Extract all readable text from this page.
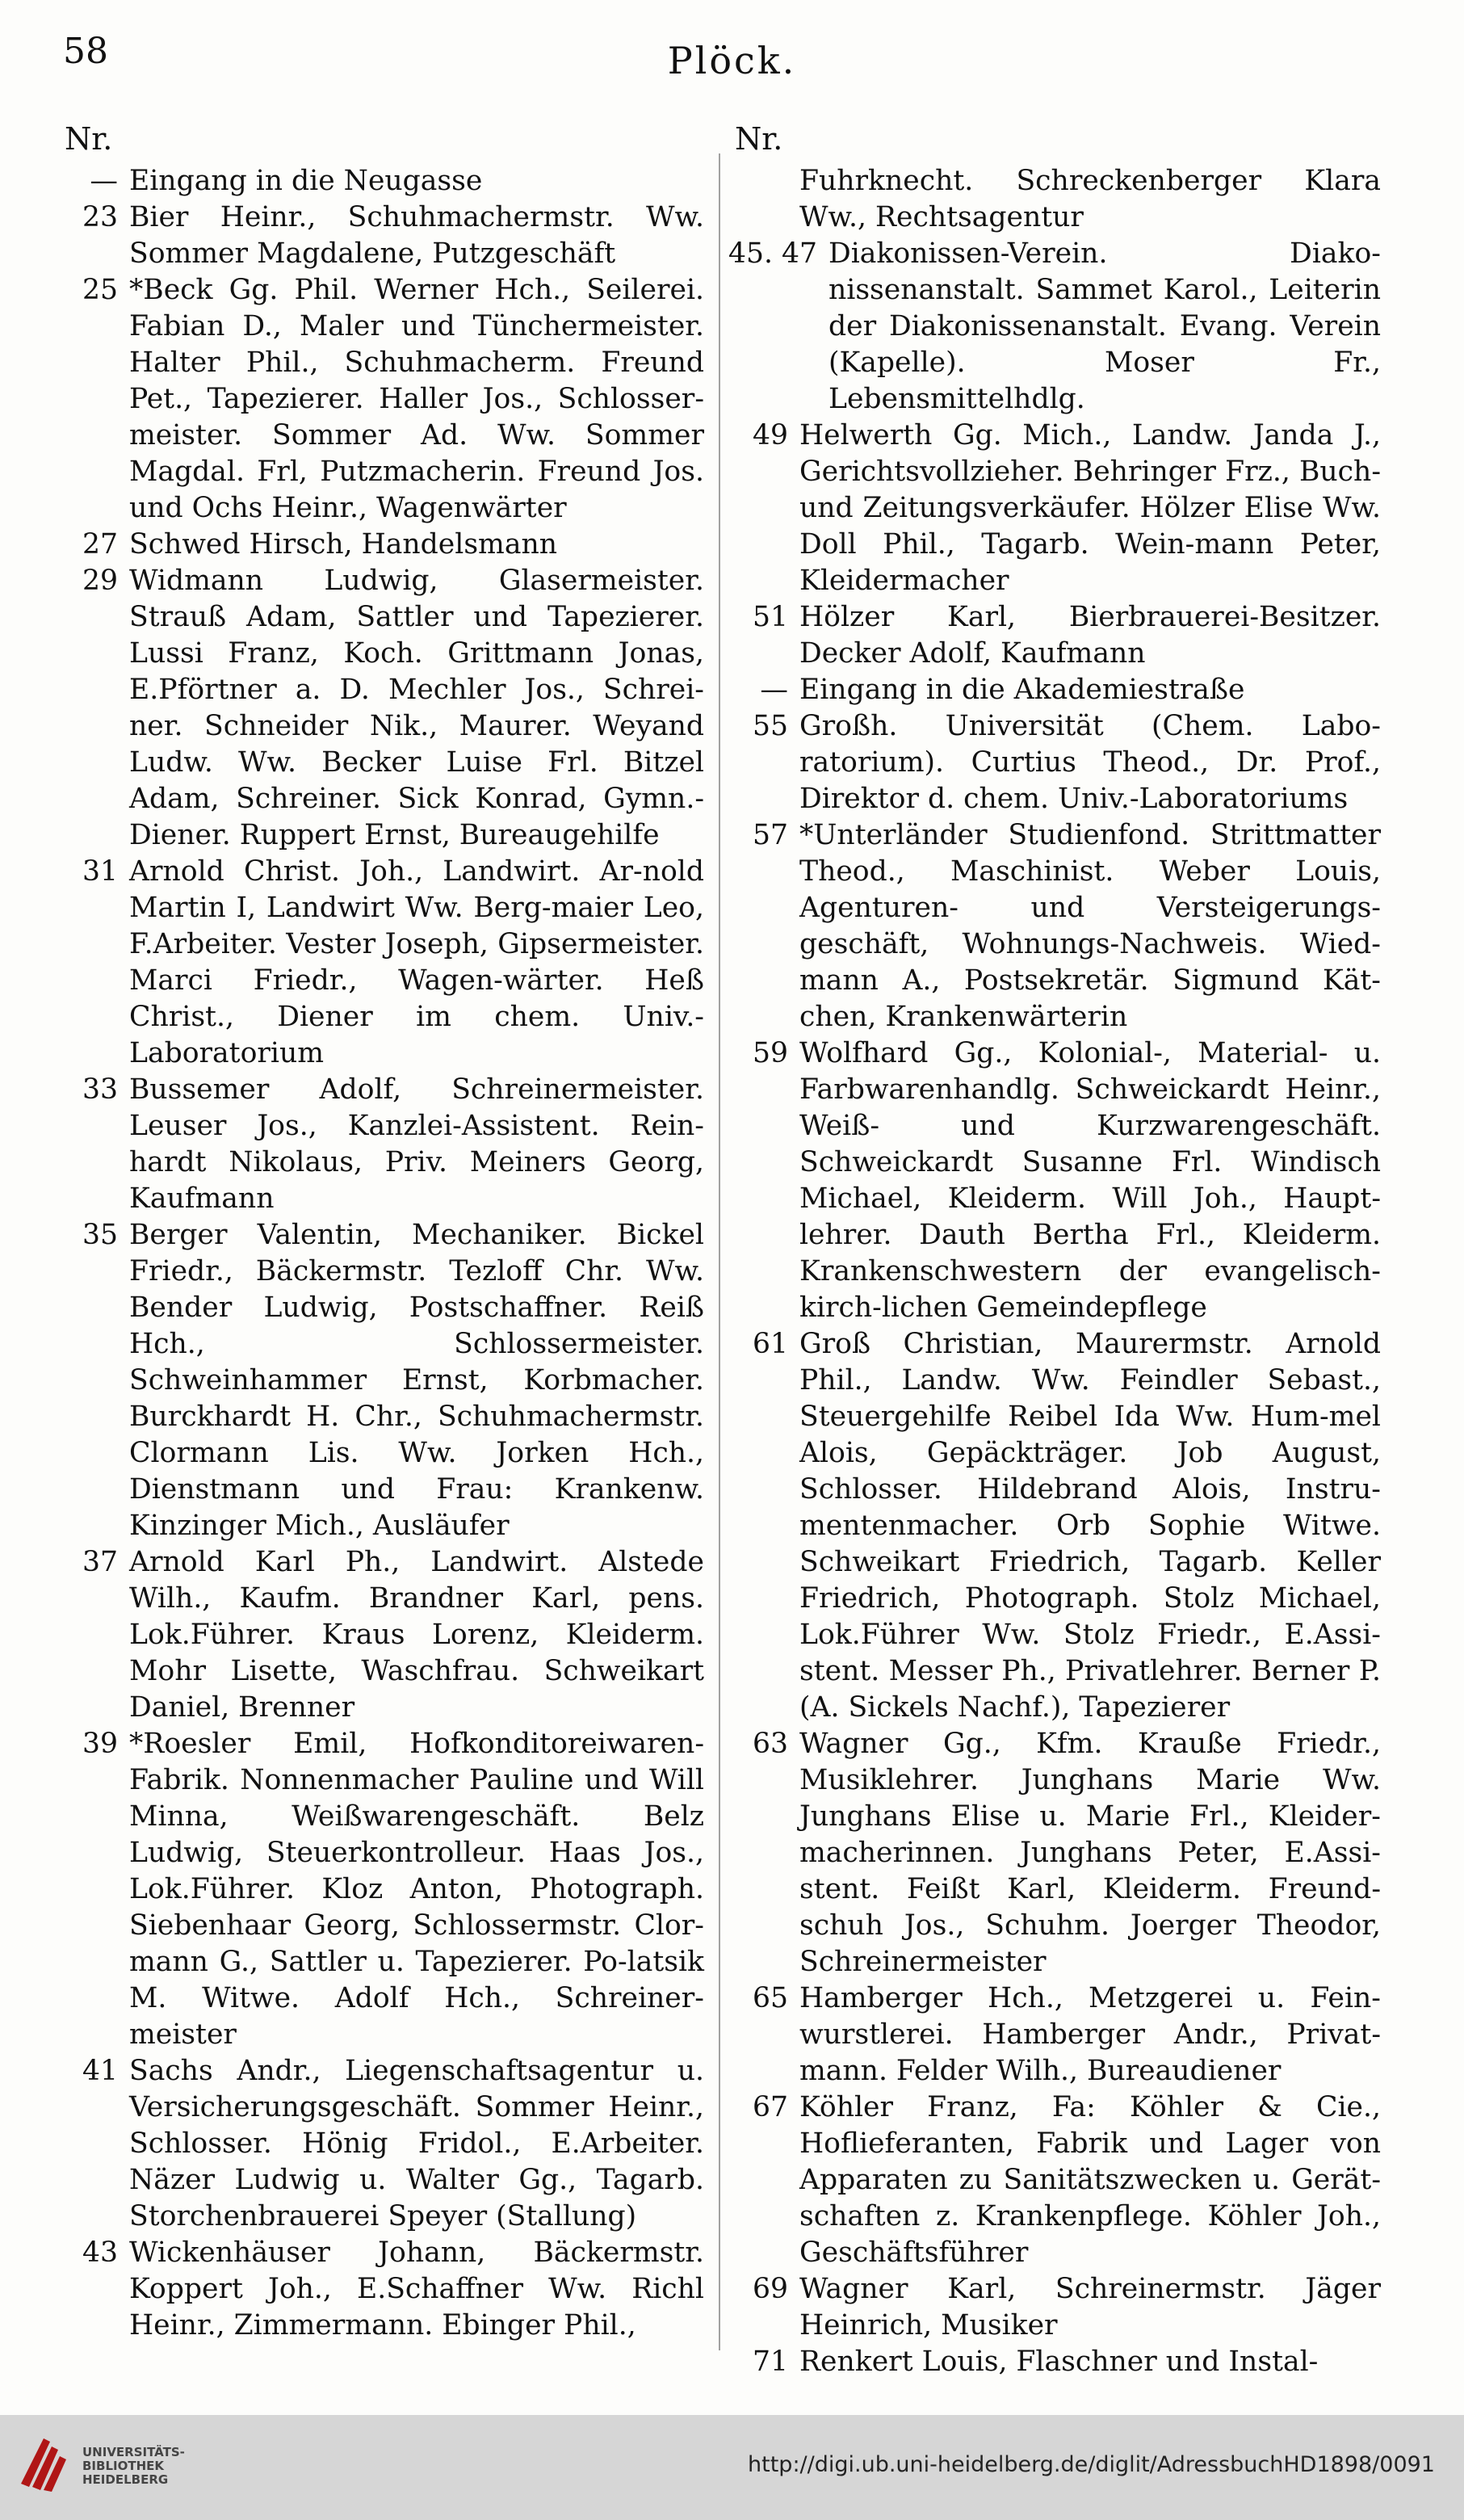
58	Plöck.
Nr.
— Eingang in die Neugasse
23 Bier Heinr., Schuhmachermstr. Ww. Sommer Magdalene, Putzgeschäft
25 *Beck Gg. Phil. Werner Hch., Seilerei. Fabian D., Maler und Tünchermeister. Halter Phil., Schuhmacherm. Freund Pet., Tapezierer. Haller Jos., Schlosser-meister. Sommer Ad. Ww. Sommer Magdal. Frl, Putzmacherin. Freund Jos. und Ochs Heinr., Wagenwärter
27 Schwed Hirsch, Handelsmann
29 Widmann Ludwig, Glasermeister. Strauß Adam, Sattler und Tapezierer. Lussi Franz, Koch. Grittmann Jonas, E.Pförtner a. D. Mechler Jos., Schrei-ner. Schneider Nik., Maurer. Weyand Ludw. Ww. Becker Luise Frl. Bitzel Adam, Schreiner. Sick Konrad, Gymn.-Diener. Ruppert Ernst, Bureaugehilfe
31 Arnold Christ. Joh., Landwirt. Ar-nold Martin I, Landwirt Ww. Berg-maier Leo, F.Arbeiter. Vester Joseph, Gipsermeister. Marci Friedr., Wagen-wärter. Heß Christ., Diener im chem. Univ.-Laboratorium
33 Bussemer Adolf, Schreinermeister. Leuser Jos., Kanzlei-Assistent. Rein-hardt Nikolaus, Priv. Meiners Georg, Kaufmann
35 Berger Valentin, Mechaniker. Bickel Friedr., Bäckermstr. Tezloff Chr. Ww. Bender Ludwig, Postschaffner. Reiß Hch., Schlossermeister. Schweinhammer Ernst, Korbmacher. Burckhardt H. Chr., Schuhmachermstr. Clormann Lis. Ww. Jorken Hch., Dienstmann und Frau: Krankenw. Kinzinger Mich., Ausläufer
37 Arnold Karl Ph., Landwirt. Alstede Wilh., Kaufm. Brandner Karl, pens. Lok.Führer. Kraus Lorenz, Kleiderm. Mohr Lisette, Waschfrau. Schweikart Daniel, Brenner
39 *Roesler Emil, Hofkonditoreiwaren-Fabrik. Nonnenmacher Pauline und Will Minna, Weißwarengeschäft. Belz Ludwig, Steuerkontrolleur. Haas Jos., Lok.Führer. Kloz Anton, Photograph. Siebenhaar Georg, Schlossermstr. Clor-mann G., Sattler u. Tapezierer. Po-latsik M. Witwe. Adolf Hch., Schreiner-meister
41 Sachs Andr., Liegenschaftsagentur u. Versicherungsgeschäft. Sommer Heinr., Schlosser. Hönig Fridol., E.Arbeiter. Näzer Ludwig u. Walter Gg., Tagarb. Storchenbrauerei Speyer (Stallung)
43 Wickenhäuser Johann, Bäckermstr. Koppert Joh., E.Schaffner Ww. Richl Heinr., Zimmermann. Ebinger Phil.,
Nr.
Fuhrknecht. Schreckenberger Klara Ww., Rechtsagentur
45. 47 Diakonissen-Verein. Diako-nissenanstalt. Sammet Karol., Leiterin der Diakonissenanstalt. Evang. Verein (Kapelle). Moser Fr., Lebensmittelhdlg.
49 Helwerth Gg. Mich., Landw. Janda J., Gerichtsvollzieher. Behringer Frz., Buch- und Zeitungsverkäufer. Hölzer Elise Ww. Doll Phil., Tagarb. Wein-mann Peter, Kleidermacher
51 Hölzer Karl, Bierbrauerei-Besitzer. Decker Adolf, Kaufmann
— Eingang in die Akademiestraße
55 Großh. Universität (Chem. Labo-ratorium). Curtius Theod., Dr. Prof., Direktor d. chem. Univ.-Laboratoriums
57 *Unterländer Studienfond. Strittmatter Theod., Maschinist. Weber Louis, Agenturen- und Versteigerungs-geschäft, Wohnungs-Nachweis. Wied-mann A., Postsekretär. Sigmund Kät-chen, Krankenwärterin
59 Wolfhard Gg., Kolonial-, Material- u. Farbwarenhandlg. Schweickardt Heinr., Weiß- und Kurzwarengeschäft. Schweickardt Susanne Frl. Windisch Michael, Kleiderm. Will Joh., Haupt-lehrer. Dauth Bertha Frl., Kleiderm. Krankenschwestern der evangelisch-kirch-lichen Gemeindepflege
61 Groß Christian, Maurermstr. Arnold Phil., Landw. Ww. Feindler Sebast., Steuergehilfe Reibel Ida Ww. Hum-mel Alois, Gepäckträger. Job August, Schlosser. Hildebrand Alois, Instru-mentenmacher. Orb Sophie Witwe. Schweikart Friedrich, Tagarb. Keller Friedrich, Photograph. Stolz Michael, Lok.Führer Ww. Stolz Friedr., E.Assi-stent. Messer Ph., Privatlehrer. Berner P. (A. Sickels Nachf.), Tapezierer
63 Wagner Gg., Kfm. Krauße Friedr., Musiklehrer. Junghans Marie Ww. Junghans Elise u. Marie Frl., Kleider-macherinnen. Junghans Peter, E.Assi-stent. Feißt Karl, Kleiderm. Freund-schuh Jos., Schuhm. Joerger Theodor, Schreinermeister
65 Hamberger Hch., Metzgerei u. Fein-wurstlerei. Hamberger Andr., Privat-mann. Felder Wilh., Bureaudiener
67 Köhler Franz, Fa: Köhler & Cie., Hoflieferanten, Fabrik und Lager von Apparaten zu Sanitätszwecken u. Gerät-schaften z. Krankenpflege. Köhler Joh., Geschäftsführer
69 Wagner Karl, Schreinermstr. Jäger Heinrich, Musiker
71 Renkert Louis, Flaschner und Instal-
UNIVERSITÄTS-
BIBLIOTHEK
HEIDELBERG
http://digi.ub.uni-heidelberg.de/diglit/AdressbuchHD1898/0091
